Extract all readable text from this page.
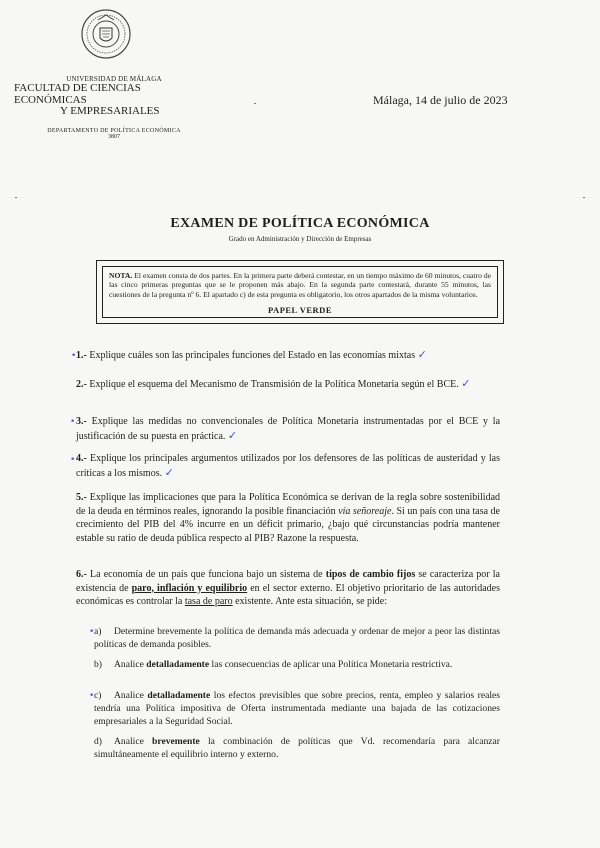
UNIVERSIDAD DE MÁLAGA
FACULTAD DE CIENCIAS ECONÓMICAS
Y EMPRESARIALES
DEPARTAMENTO DE POLÍTICA ECONÓMICA
3807
Málaga, 14 de julio de 2023
EXAMEN DE POLÍTICA ECONÓMICA
Grado en Administración y Dirección de Empresas
NOTA. El examen consta de dos partes. En la primera parte deberá contestar, en un tiempo máximo de 60 minutos, cuatro de las cinco primeras preguntas que se le proponen más abajo. En la segunda parte contestará, durante 55 minutos, las cuestiones de la pregunta nº 6. El apartado c) de esta pregunta es obligatorio, los otros apartados de la misma voluntarios.
PAPEL VERDE
1.- Explique cuáles son las principales funciones del Estado en las economías mixtas ✓
2.- Explique el esquema del Mecanismo de Transmisión de la Política Monetaria según el BCE. ✓
3.- Explique las medidas no convencionales de Política Monetaria instrumentadas por el BCE y la justificación de su puesta en práctica. ✓
4.- Explique los principales argumentos utilizados por los defensores de las políticas de austeridad y las críticas a los mismos. ✓
5.- Explique las implicaciones que para la Política Económica se derivan de la regla sobre sostenibilidad de la deuda en términos reales, ignorando la posible financiación vía señoreaje. Si un país con una tasa de crecimiento del PIB del 4% incurre en un déficit primario, ¿bajo qué circunstancias podría mantener estable su ratio de deuda pública respecto al PIB? Razone la respuesta.
6.- La economía de un país que funciona bajo un sistema de tipos de cambio fijos se caracteriza por la existencia de paro, inflación y equilibrio en el sector externo. El objetivo prioritario de las autoridades económicas es controlar la tasa de paro existente. Ante esta situación, se pide:
a) Determine brevemente la política de demanda más adecuada y ordenar de mejor a peor las distintas políticas de demanda posibles.
b) Analice detalladamente las consecuencias de aplicar una Política Monetaria restrictiva.
c) Analice detalladamente los efectos previsibles que sobre precios, renta, empleo y salarios reales tendría una Política impositiva de Oferta instrumentada mediante una bajada de las cotizaciones empresariales a la Seguridad Social.
d) Analice brevemente la combinación de políticas que Vd. recomendaría para alcanzar simultáneamente el equilibrio interno y externo.
•
•
•
•
•
